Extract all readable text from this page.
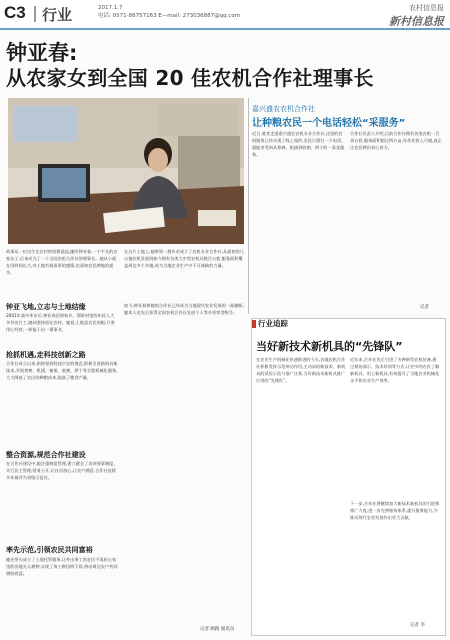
C3 行业	2017.1.7
电话: 0571-86757163 E—mail: 273036887@qq.com
农村信息报
新村信息报
钟亚春:
从农家女到全国 20 佳农机合作社理事长
故事从一位出生在农村的姑娘说起,她叫钟亚春,一个平凡的农家女子,后来成为了一个全国农机合作社的理事长。她从小就在田野间长大,对土地有着深厚的感情,也深知农民种地的艰辛。
在这片土地上,她带领一群乡亲成立了农机专业合作社,从最初的几台拖拉机发展到如今拥有各类大中型农机具数百台套,服务面积覆盖周边多个乡镇,成为当地农业生产中不可或缺的力量。
钟亚飞地,立志与土地结缘
2001年高中毕业后,钟亚春回到家乡。那时村里的年轻人大多外出打工,她却坚持留在农村。她说,土地是农民的根,只要用心经营,一样能干出一番事业。
抢抓机遇,走科技创新之路
合作社成立以来,始终坚持科技兴农的理念,积极引进新机具新技术,开展育秧、机插、植保、收割、烘干等全程机械化服务,大大降低了农民的种粮成本,提高了粮食产量。
整合资源,规范合作社建设
在合作社建设中,她注重制度管理,建立健全了各项规章制度,实行民主管理,财务公开,让社员放心,让农户满意,合作社连续多年被评为省级示范社。
率先示范,引领农民共同富裕
她还带头成立了土地托管服务,让外出务工的农民不再担心家里的田地无人耕种,实现了务工种田两不误,带动周边农户共同增收致富。
如今,钟亚春和她的合作社已经成为当地现代农业发展的一面旗帜,她本人也先后获得全国农机合作社先进个人等多项荣誉称号。
记者 顾路 通讯员
嘉兴盛农农机合作社
让种粮农民一个电话轻松“采服务”
近日,笔者走进嘉兴盛农农机专业合作社,这里的农机服务已经实现了线上预约,农民只需打一个电话,就能享受到从育秧、机插到收割、烘干的一条龙服务。
合作社负责人介绍,目前合作社拥有各类农机一百余台套,服务面积超过两万亩,年作业收入可观,真正让农民种田省心省力。
记者
行业追踪
当好新技术新机具的“先锋队”
在农业生产机械化快速推进的今天,各地农机合作社积极发挥示范带动作用,主动承担新技术、新机具的试验示范与推广任务,当好新技术新机具推广应用的“先锋队”。
近年来,合作社先后引进了多种新型农机装备,通过现场演示、技术培训等方式,让更多的农民了解新机具、用上新机具,有效提升了当地农业机械化水平和农业生产效率。
下一步,合作社将继续加大新技术新机具的引进和推广力度,进一步完善服务体系,提升服务能力,为推动现代农业发展作出更大贡献。
记者 李
